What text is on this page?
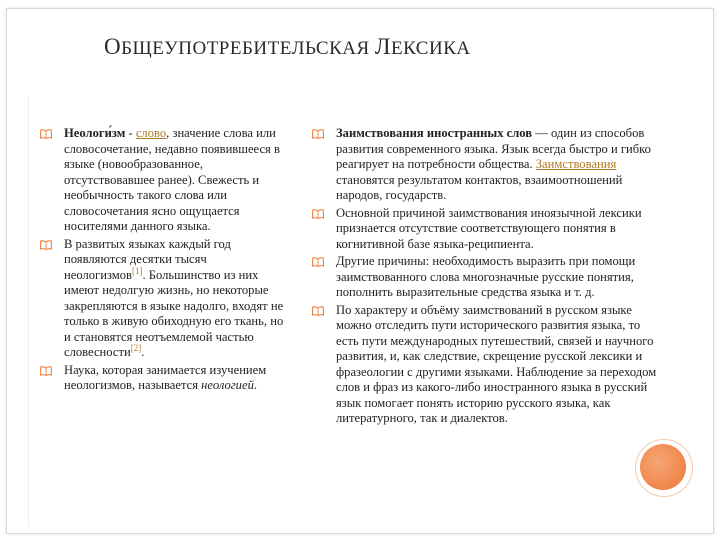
ОБЩЕУПОТРЕБИТЕЛЬСКАЯ ЛЕКСИКА
Неологи́зм - слово, значение слова или словосочетание, недавно появившееся в языке (новообразованное, отсутствовавшее ранее). Свежесть и необычность такого слова или словосочетания ясно ощущается носителями данного языка.
В развитых языках каждый год появляются десятки тысяч неологизмов[1]. Большинство из них имеют недолгую жизнь, но некоторые закрепляются в языке надолго, входят не только в живую обиходную его ткань, но и становятся неотъемлемой частью словесности[2].
Наука, которая занимается изучением неологизмов, называется неологией.
Заимствования иностранных слов — один из способов развития современного языка. Язык всегда быстро и гибко реагирует на потребности общества. Заимствования становятся результатом контактов, взаимоотношений народов, государств.
Основной причиной заимствования иноязычной лексики признается отсутствие соответствующего понятия в когнитивной базе языка-реципиента.
Другие причины: необходимость выразить при помощи заимствованного слова многозначные русские понятия, пополнить выразительные средства языка и т. д.
По характеру и объёму заимствований в русском языке можно отследить пути исторического развития языка, то есть пути международных путешествий, связей и научного развития, и, как следствие, скрещение русской лексики и фразеологии с другими языками. Наблюдение за переходом слов и фраз из какого-либо иностранного языка в русский язык помогает понять историю русского языка, как литературного, так и диалектов.
